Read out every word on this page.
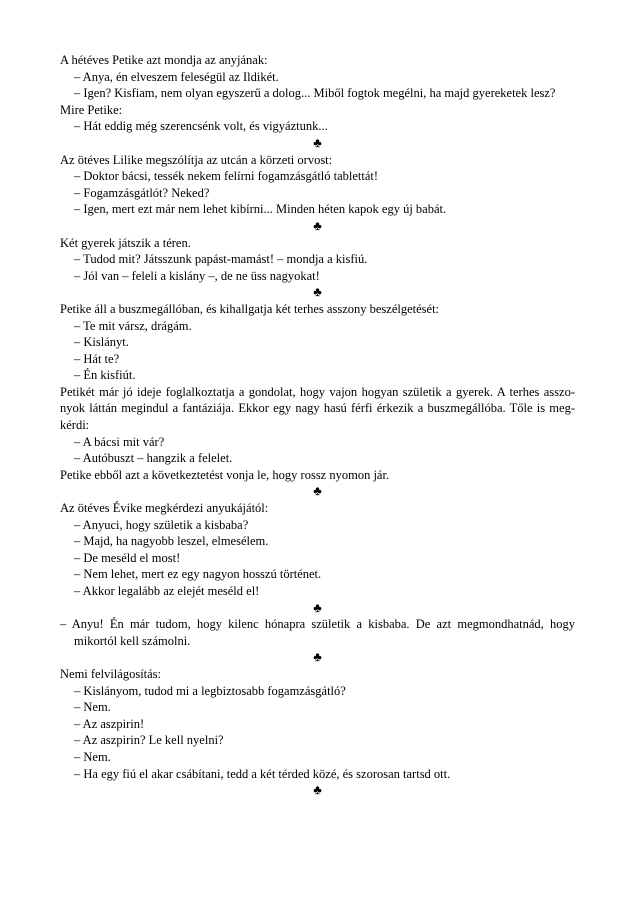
A hétéves Petike azt mondja az anyjának:
– Anya, én elveszem feleségül az Ildikét.
– Igen? Kisfiam, nem olyan egyszerű a dolog... Miből fogtok megélni, ha majd gyereketek lesz?
Mire Petike:
– Hát eddig még szerencsénk volt, és vigyáztunk...
♣
Az ötéves Lilike megszólítja az utcán a körzeti orvost:
– Doktor bácsi, tessék nekem felírni fogamzásgátló tablettát!
– Fogamzásgátlót? Neked?
– Igen, mert ezt már nem lehet kibírni... Minden héten kapok egy új babát.
♣
Két gyerek játszik a téren.
– Tudod mit? Játsszunk papást-mamást! – mondja a kisfiú.
– Jól van – feleli a kislány –, de ne üss nagyokat!
♣
Petike áll a buszmegállóban, és kihallgatja két terhes asszony beszélgetését:
– Te mit vársz, drágám.
– Kislányt.
– Hát te?
– Én kisfiút.
Petikét már jó ideje foglalkoztatja a gondolat, hogy vajon hogyan születik a gyerek. A terhes asszo-nyok láttán megindul a fantáziája. Ekkor egy nagy hasú férfi érkezik a buszmegállóba. Tőle is meg-kérdi:
– A bácsi mit vár?
– Autóbuszt – hangzik a felelet.
Petike ebből azt a következtetést vonja le, hogy rossz nyomon jár.
♣
Az ötéves Évike megkérdezi anyukájától:
– Anyuci, hogy születik a kisbaba?
– Majd, ha nagyobb leszel, elmesélem.
– De meséld el most!
– Nem lehet, mert ez egy nagyon hosszú történet.
– Akkor legalább az elejét meséld el!
♣
– Anyu! Én már tudom, hogy kilenc hónapra születik a kisbaba. De azt megmondhatnád, hogy mikortól kell számolni.
♣
Nemi felvilágosítás:
– Kislányom, tudod mi a legbiztosabb fogamzásgátló?
– Nem.
– Az aszpirin!
– Az aszpirin? Le kell nyelni?
– Nem.
– Ha egy fiú el akar csábítani, tedd a két térded közé, és szorosan tartsd ott.
♣
